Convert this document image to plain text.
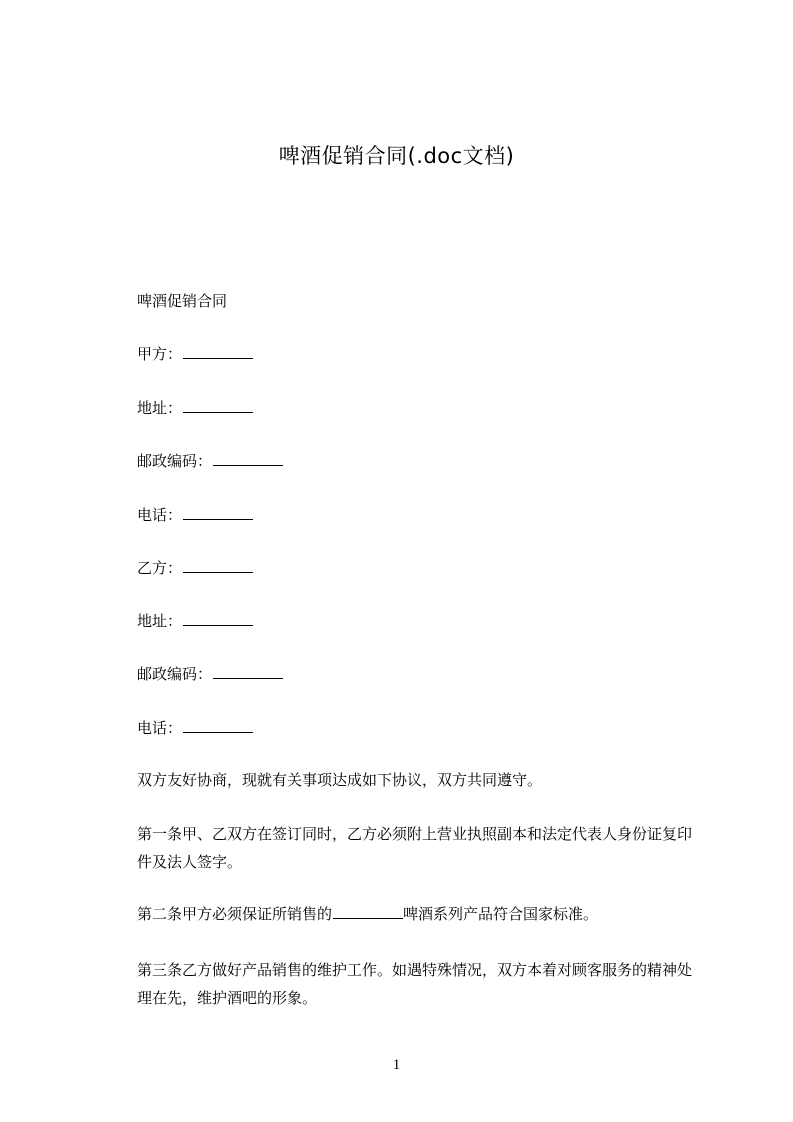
啤酒促销合同(.doc文档)
啤酒促销合同
甲方：
地址：
邮政编码：
电话：
乙方：
地址：
邮政编码：
电话：
双方友好协商，现就有关事项达成如下协议，双方共同遵守。
第一条甲、乙双方在签订同时，乙方必须附上营业执照副本和法定代表人身份证复印件及法人签字。
第二条甲方必须保证所销售的	啤酒系列产品符合国家标准。
第三条乙方做好产品销售的维护工作。如遇特殊情况，双方本着对顾客服务的精神处理在先，维护酒吧的形象。
1
